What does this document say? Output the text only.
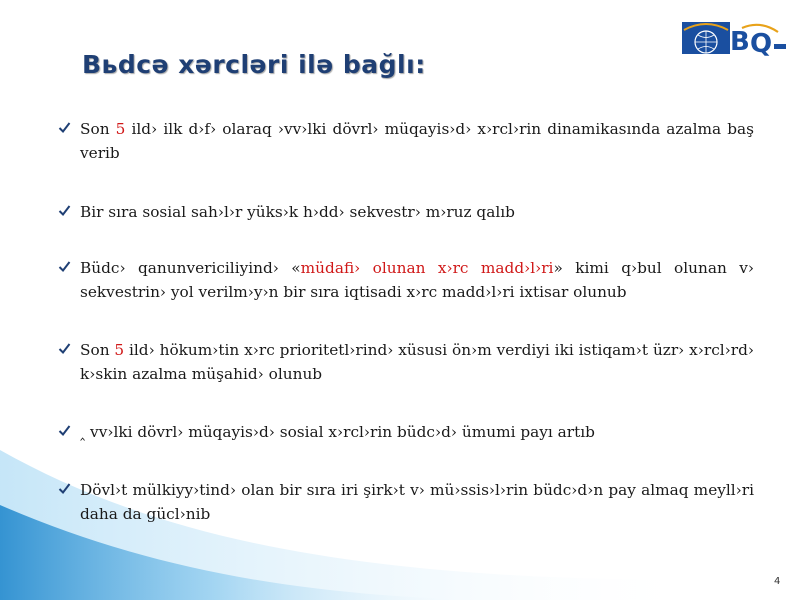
Bьdcə xərcləri ilə bağlı:
B Q
Son 5 ild› ilk d›f› olaraq ›vv›lki dövrl› müqayis›d› x›rcl›rin dinamikasında azalma baş verib
Bir sıra sosial sah›l›r yüks›k h›dd› sekvestr› m›ruz qalıb
Büdc› qanunvericiliyind› «müdafi› olunan x›rc madd›l›ri» kimi q›bul olunan v› sekvestrin› yol verilm›y›n bir sıra iqtisadi x›rc madd›l›ri ixtisar olunub
Son 5 ild› hökum›tin x›rc prioritetl›rind› xüsusi ön›m verdiyi iki istiqam›t üzr› x›rcl›rd› k›skin azalma müşahid› olunub
‸ vv›lki dövrl› müqayis›d› sosial x›rcl›rin büdc›d› ümumi payı artıb
Dövl›t mülkiyy›tind› olan bir sıra iri şirk›t v› mü›ssis›l›rin büdc›d›n pay almaq meyll›ri daha da gücl›nib
4
